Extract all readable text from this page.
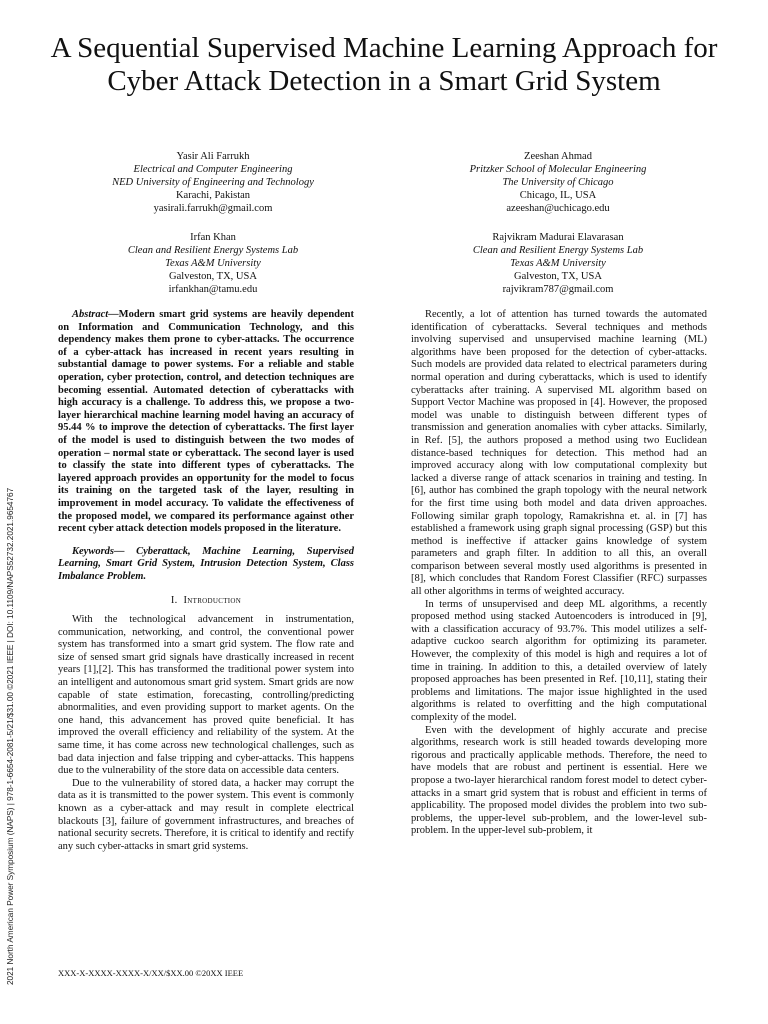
A Sequential Supervised Machine Learning Approach for Cyber Attack Detection in a Smart Grid System
Yasir Ali Farrukh
Electrical and Computer Engineering
NED University of Engineering and Technology
Karachi, Pakistan
yasirali.farrukh@gmail.com
Zeeshan Ahmad
Pritzker School of Molecular Engineering
The University of Chicago
Chicago, IL, USA
azeeshan@uchicago.edu
Irfan Khan
Clean and Resilient Energy Systems Lab
Texas A&M University
Galveston, TX, USA
irfankhan@tamu.edu
Rajvikram Madurai Elavarasan
Clean and Resilient Energy Systems Lab
Texas A&M University
Galveston, TX, USA
rajvikram787@gmail.com

Abstract—Modern smart grid systems are heavily dependent on Information and Communication Technology, and this dependency makes them prone to cyber-attacks. The occurrence of a cyber-attack has increased in recent years resulting in substantial damage to power systems. For a reliable and stable operation, cyber protection, control, and detection techniques are becoming essential. Automated detection of cyberattacks with high accuracy is a challenge. To address this, we propose a two-layer hierarchical machine learning model having an accuracy of 95.44 % to improve the detection of cyberattacks. The first layer of the model is used to distinguish between the two modes of operation – normal state or cyberattack. The second layer is used to classify the state into different types of cyberattacks. The layered approach provides an opportunity for the model to focus its training on the targeted task of the layer, resulting in improvement in model accuracy. To validate the effectiveness of the proposed model, we compared its performance against other recent cyber attack detection models proposed in the literature.

Keywords— Cyberattack, Machine Learning, Supervised Learning, Smart Grid System, Intrusion Detection System, Class Imbalance Problem.

I. Introduction

With the technological advancement in instrumentation, communication, networking, and control, the conventional power system has transformed into a smart grid system. The flow rate and size of sensed smart grid signals have drastically increased in recent years [1],[2]. This has transformed the traditional power system into an intelligent and autonomous smart grid system. Smart grids are now capable of state estimation, forecasting, controlling/predicting abnormalities, and even providing support to market agents. On the one hand, this advancement has proved quite beneficial. It has improved the overall efficiency and reliability of the system. At the same time, it has come across new technological challenges, such as bad data injection and false tripping and cyber-attacks. This happens due to the vulnerability of the store data on accessible data centers.

Due to the vulnerability of stored data, a hacker may corrupt the data as it is transmitted to the power system. This event is commonly known as a cyber-attack and may result in complete electrical blackouts [3], failure of government infrastructures, and breaches of national security secrets. Therefore, it is critical to identify and rectify any such cyber-attacks in smart grid systems.

Recently, a lot of attention has turned towards the automated identification of cyberattacks. Several techniques and methods involving supervised and unsupervised machine learning (ML) algorithms have been proposed for the detection of cyber-attacks. Such models are provided data related to electrical parameters during normal operation and during cyberattacks, which is used to identify cyberattacks after training. A supervised ML algorithm based on Support Vector Machine was proposed in [4]. However, the proposed model was unable to distinguish between different types of transmission and generation anomalies with cyber attacks. Similarly, in Ref. [5], the authors proposed a method using two Euclidean distance-based techniques for detection. This method had an improved accuracy along with low computational complexity but lacked a diverse range of attack scenarios in training and testing. In [6], author has combined the graph topology with the neural network for the first time using both model and data driven approaches. Following similar graph topology, Ramakrishna et. al. in [7] has established a framework using graph signal processing (GSP) but this method is ineffective if attacker gains knowledge of system parameters and graph filter. In addition to all this, an overall comparison between several mostly used algorithms is presented in [8], which concludes that Random Forest Classifier (RFC) surpasses all other algorithms in terms of weighted accuracy.

In terms of unsupervised and deep ML algorithms, a recently proposed method using stacked Autoencoders is introduced in [9], with a classification accuracy of 93.7%. This model utilizes a self-adaptive cuckoo search algorithm for optimizing its parameter. However, the complexity of this model is high and requires a lot of time in training. In addition to this, a detailed overview of lately proposed approaches has been presented in Ref. [10,11], stating their problems and limitations. The major issue highlighted in the used algorithms is related to overfitting and the high computational complexity of the model.

Even with the development of highly accurate and precise algorithms, research work is still headed towards developing more rigorous and practically applicable methods. Therefore, the need to have models that are robust and pertinent is essential. Here we propose a two-layer hierarchical random forest model to detect cyber-attacks in a smart grid system that is robust and efficient in terms of applicability. The proposed model divides the problem into two sub-problems, the upper-level sub-problem, and the lower-level sub-problem. In the upper-level sub-problem, it

2021 North American Power Symposium (NAPS) | 978-1-6654-2081-5/21/$31.00 ©2021 IEEE | DOI: 10.1109/NAPS52732.2021.9654767	XXX-X-XXXX-XXXX-X/XX/$XX.00 ©20XX IEEE
